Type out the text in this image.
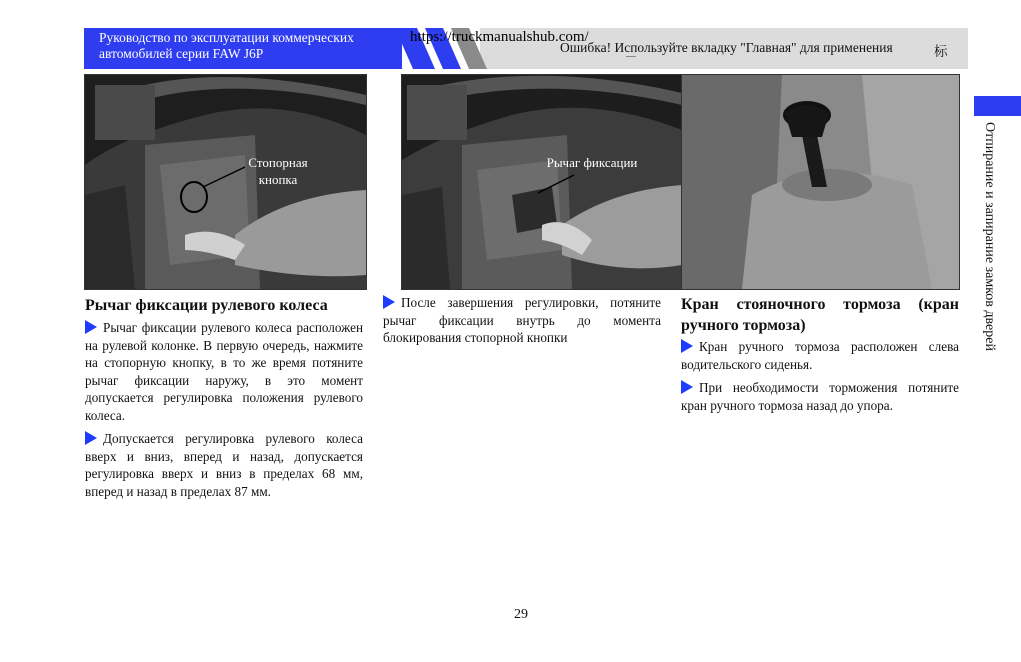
Руководство по эксплуатации коммерческих автомобилей серии FAW J6P
https://truckmanualshub.com/
Ошибка! Используйте вкладку "Главная" для применения	标
Отпирание и запирание замков дверей
Стопорная кнопка
Рычаг фиксации
Рычаг фиксации рулевого колеса
Рычаг фиксации рулевого колеса расположен на рулевой колонке. В первую очередь, нажмите на стопорную кнопку, в то же время потяните рычаг фиксации наружу, в это момент допускается регулировка положения рулевого колеса.
Допускается регулировка рулевого колеса вверх и вниз, вперед и назад, допускается регулировка вверх и вниз в пределах 68 мм, вперед и назад в пределах 87 мм.
После завершения регулировки, потяните рычаг фиксации внутрь до момента блокирования стопорной кнопки
Кран стояночного тормоза (кран ручного тормоза)
Кран ручного тормоза расположен слева водительского сиденья.
При необходимости торможения потяните кран ручного тормоза назад до упора.
29
